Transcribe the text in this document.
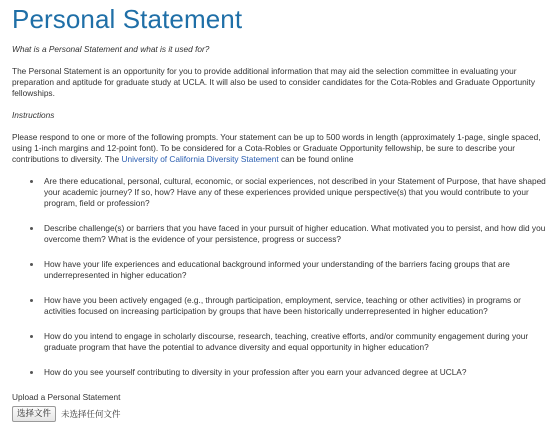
Personal Statement

What is a Personal Statement and what is it used for?

The Personal Statement is an opportunity for you to provide additional information that may aid the selection committee in evaluating your preparation and aptitude for graduate study at UCLA. It will also be used to consider candidates for the Cota-Robles and Graduate Opportunity fellowships.

Instructions

Please respond to one or more of the following prompts. Your statement can be up to 500 words in length (approximately 1-page, single spaced, using 1-inch margins and 12-point font). To be considered for a Cota-Robles or Graduate Opportunity fellowship, be sure to describe your contributions to diversity. The University of California Diversity Statement can be found online

Are there educational, personal, cultural, economic, or social experiences, not described in your Statement of Purpose, that have shaped your academic journey? If so, how? Have any of these experiences provided unique perspective(s) that you would contribute to your program, field or profession?
Describe challenge(s) or barriers that you have faced in your pursuit of higher education. What motivated you to persist, and how did you overcome them? What is the evidence of your persistence, progress or success?
How have your life experiences and educational background informed your understanding of the barriers facing groups that are underrepresented in higher education?
How have you been actively engaged (e.g., through participation, employment, service, teaching or other activities) in programs or activities focused on increasing participation by groups that have been historically underrepresented in higher education?
How do you intend to engage in scholarly discourse, research, teaching, creative efforts, and/or community engagement during your graduate program that have the potential to advance diversity and equal opportunity in higher education?
How do you see yourself contributing to diversity in your profession after you earn your advanced degree at UCLA?
Upload a Personal Statement
选择文件	未选择任何文件
